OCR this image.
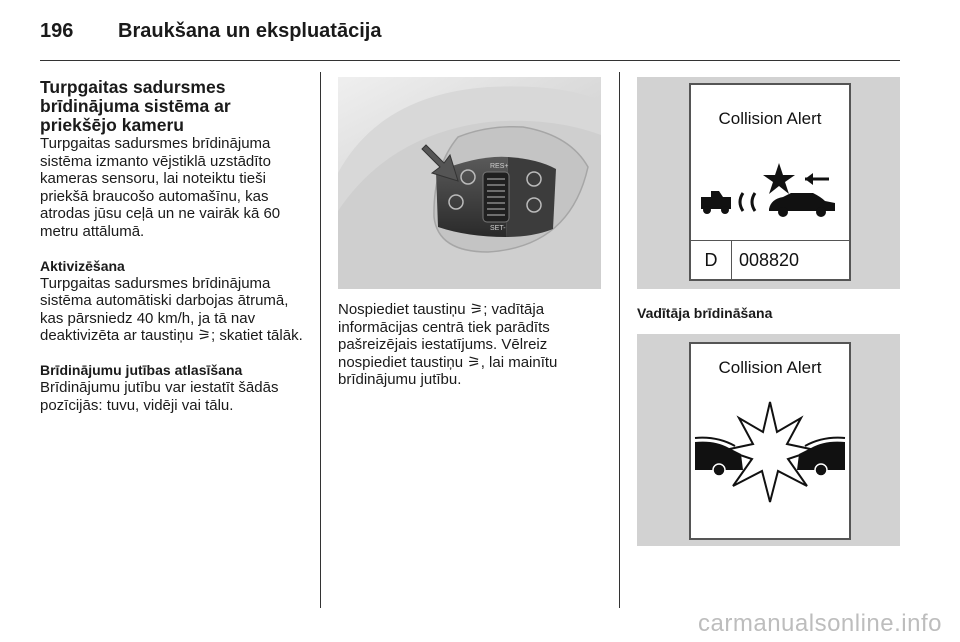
196 Braukšana un ekspluatācija
Turpgaitas sadursmes brīdinājuma sistēma ar priekšējo kameru

Turpgaitas sadursmes brīdinājuma sistēma izmanto vējstiklā uzstādīto kameras sensoru, lai noteiktu tieši priekšā braucošo automašīnu, kas atrodas jūsu ceļā un ne vairāk kā 60 metru attālumā.

Aktivizēšana

Turpgaitas sadursmes brīdinājuma sistēma automātiski darbojas ātrumā, kas pārsniedz 40 km/h, ja tā nav deaktivizēta ar taustiņu ⚞; skatiet tālāk.

Brīdinājumu jutības atlasīšana

Brīdinājumu jutību var iestatīt šādās pozīcijās: tuvu, vidēji vai tālu.

RES+
SET-
Nospiediet taustiņu ⚞; vadītāja informācijas centrā tiek parādīts pašreizējais iestatījums. Vēlreiz nospiediet taustiņu ⚞, lai mainītu brīdinājumu jutību.
Collision Alert
D	008820
Vadītāja brīdināšana
Collision Alert
carmanualsonline.info
